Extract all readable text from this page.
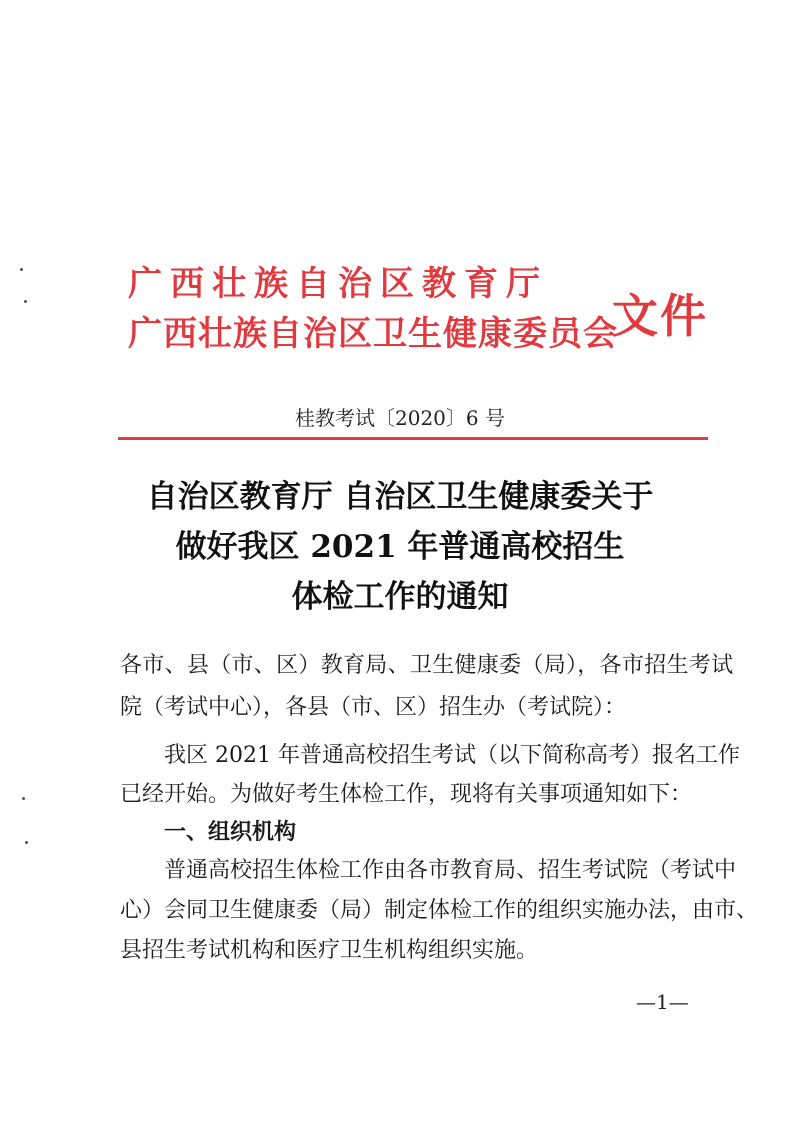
广西壮族自治区教育厅
广西壮族自治区卫生健康委员会
文件
桂教考试〔2020〕6 号
自治区教育厅 自治区卫生健康委关于
做好我区 2021 年普通高校招生
体检工作的通知
各市、县（市、区）教育局、卫生健康委（局），各市招生考试
院（考试中心），各县（市、区）招生办（考试院）：
我区 2021 年普通高校招生考试（以下简称高考）报名工作
已经开始。为做好考生体检工作，现将有关事项通知如下：
一、组织机构
普通高校招生体检工作由各市教育局、招生考试院（考试中
心）会同卫生健康委（局）制定体检工作的组织实施办法，由市、
县招生考试机构和医疗卫生机构组织实施。
—1—
